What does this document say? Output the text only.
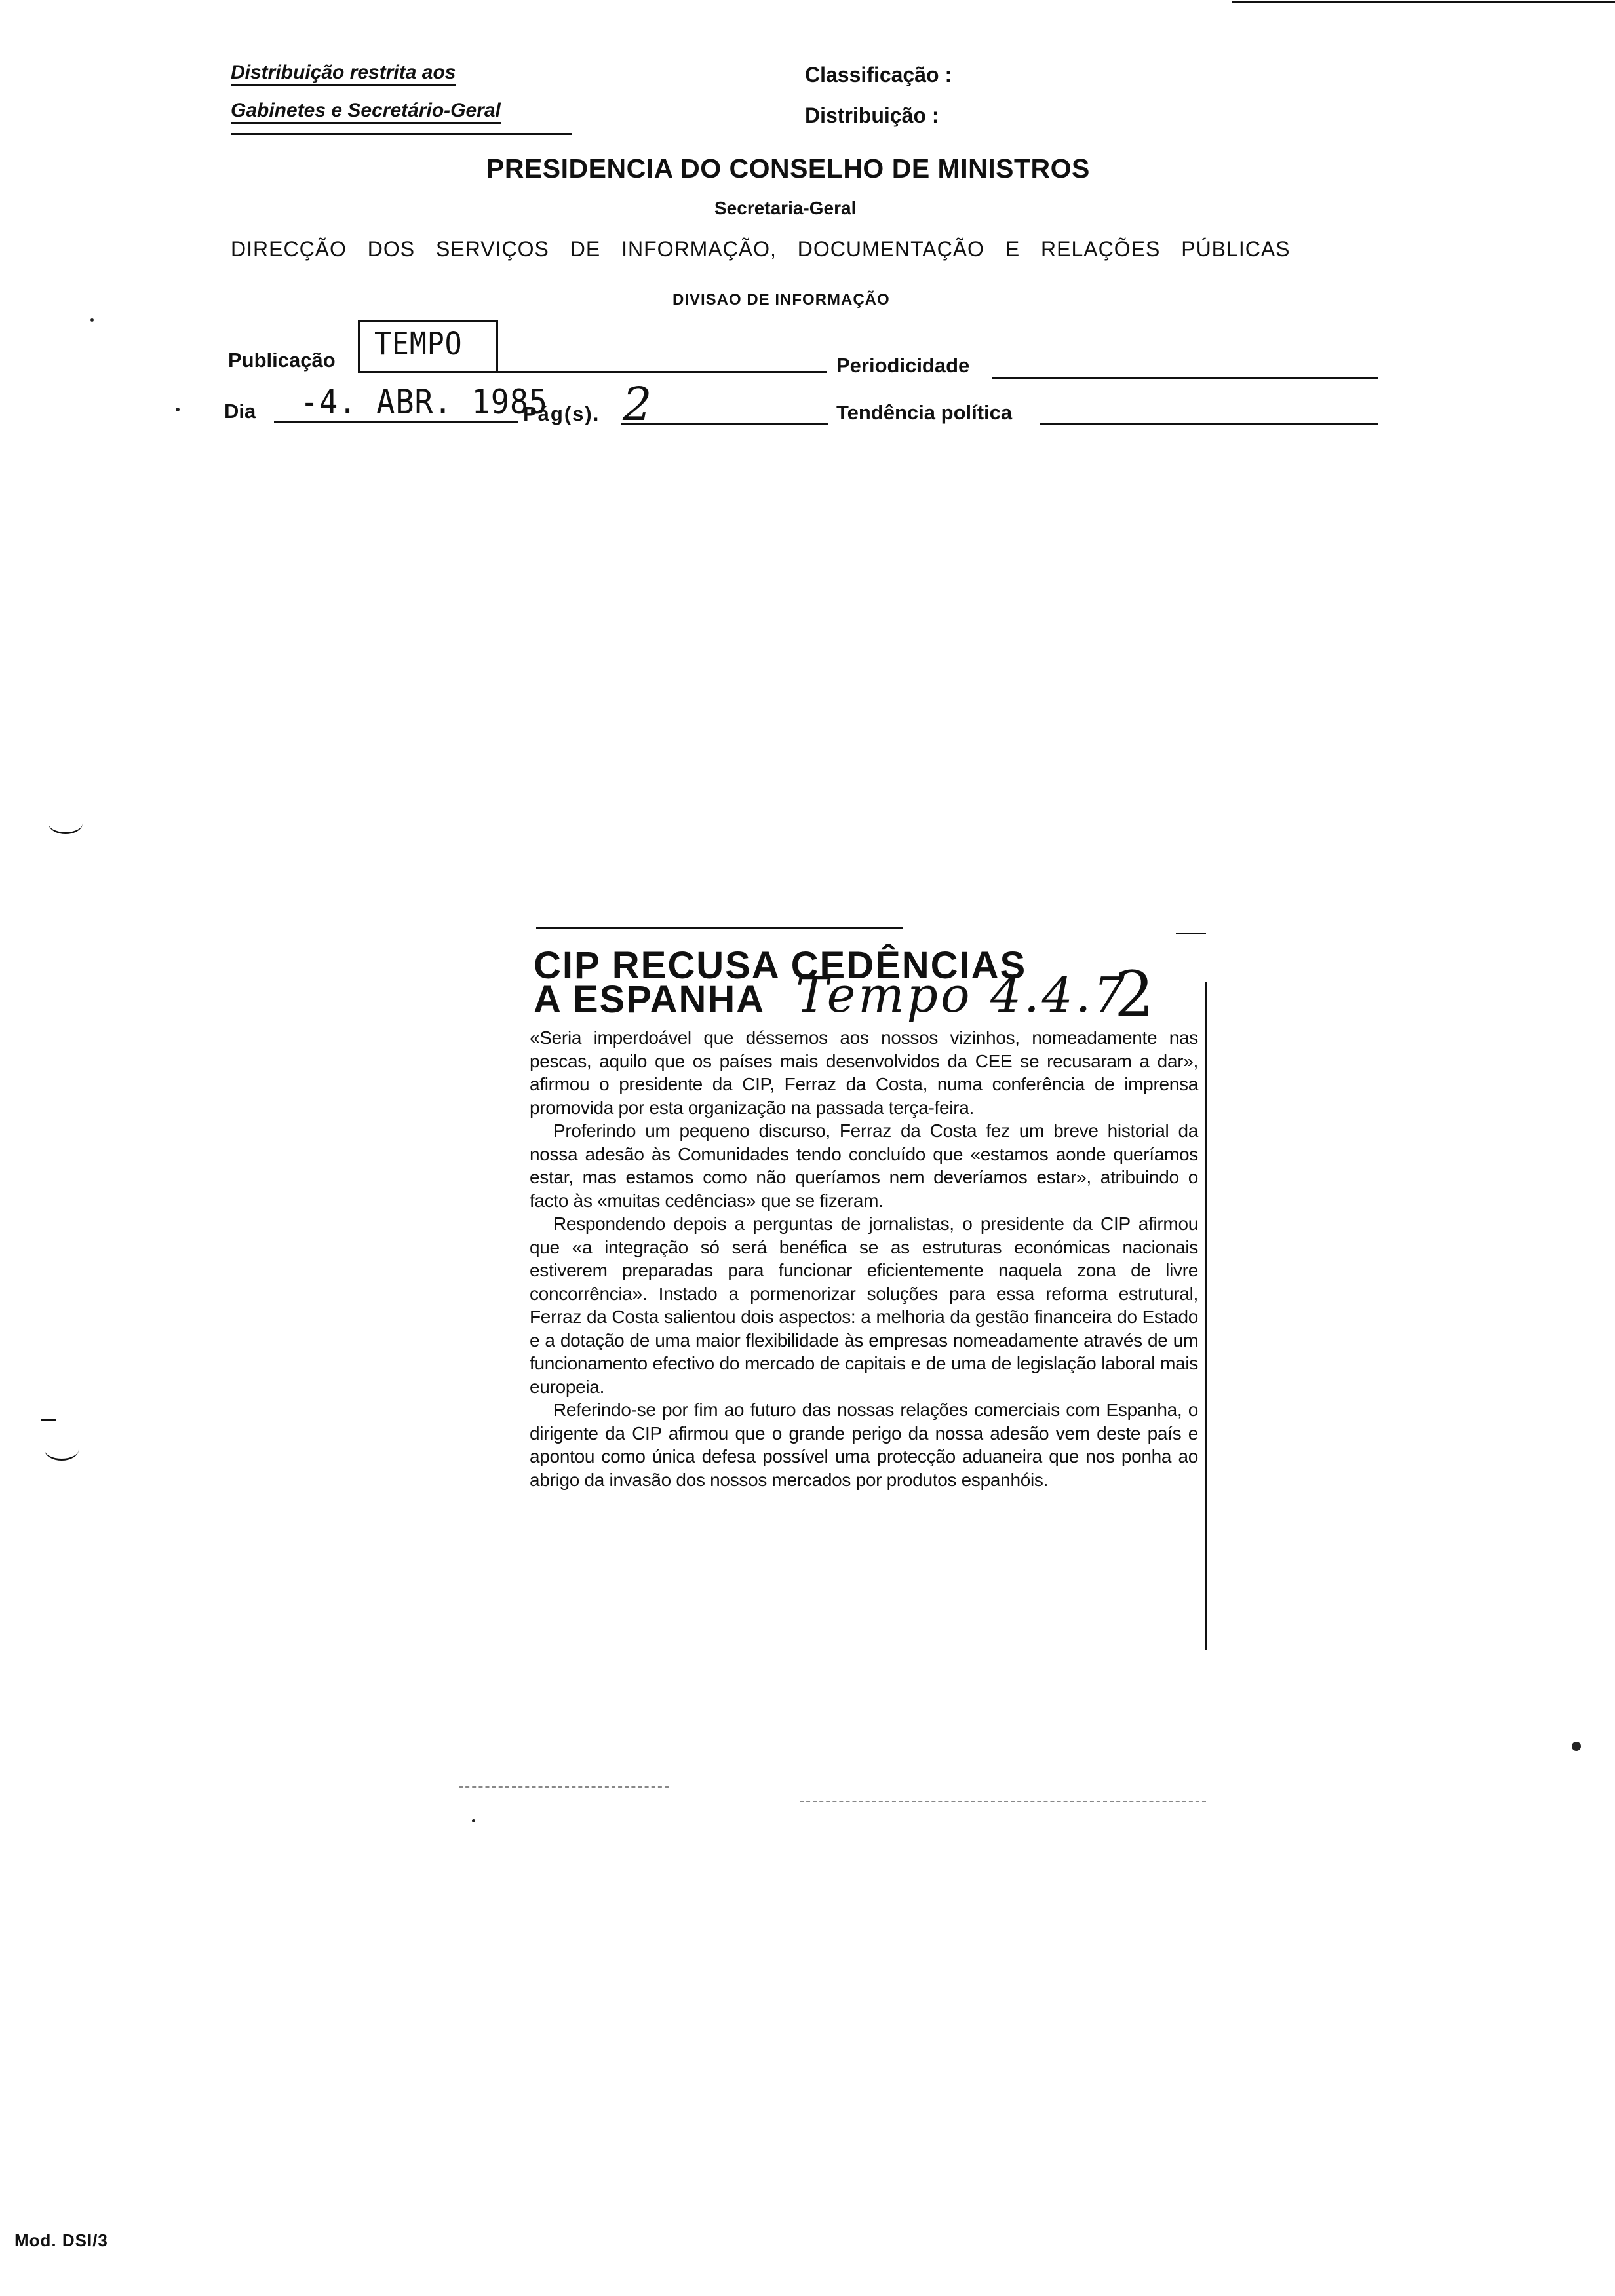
Distribuição restrita aos
Gabinetes e Secretário-Geral
Classificação :
Distribuição :
PRESIDENCIA DO CONSELHO DE MINISTROS
Secretaria-Geral
DIRECÇÃO DOS SERVIÇOS DE INFORMAÇÃO, DOCUMENTAÇÃO E RELAÇÕES PÚBLICAS
DIVISAO DE INFORMAÇÃO
Publicação TEMPO
Periodicidade
Dia -4. ABR. 1985
Pág(s). 2	Tendência política
CIP RECUSA CEDÊNCIAS
A ESPANHA Tempo 4.4.7
2

«Seria imperdoável que déssemos aos nossos vizinhos, nomeadamente nas pescas, aquilo que os países mais desenvolvidos da CEE se recusaram a dar», afirmou o presidente da CIP, Ferraz da Costa, numa conferência de imprensa promovida por esta organização na passada terça-feira.

Proferindo um pequeno discurso, Ferraz da Costa fez um breve historial da nossa adesão às Comunidades tendo concluído que «estamos aonde queríamos estar, mas estamos como não queríamos nem deveríamos estar», atribuindo o facto às «muitas cedências» que se fizeram.

Respondendo depois a perguntas de jornalistas, o presidente da CIP afirmou que «a integração só será benéfica se as estruturas económicas nacionais estiverem preparadas para funcionar eficientemente naquela zona de livre concorrência». Instado a pormenorizar soluções para essa reforma estrutural, Ferraz da Costa salientou dois aspectos: a melhoria da gestão financeira do Estado e a dotação de uma maior flexibilidade às empresas nomeadamente através de um funcionamento efectivo do mercado de capitais e de uma de legislação laboral mais europeia.

Referindo-se por fim ao futuro das nossas relações comerciais com Espanha, o dirigente da CIP afirmou que o grande perigo da nossa adesão vem deste país e apontou como única defesa possível uma protecção aduaneira que nos ponha ao abrigo da invasão dos nossos mercados por produtos espanhóis.

Mod. DSI/3
